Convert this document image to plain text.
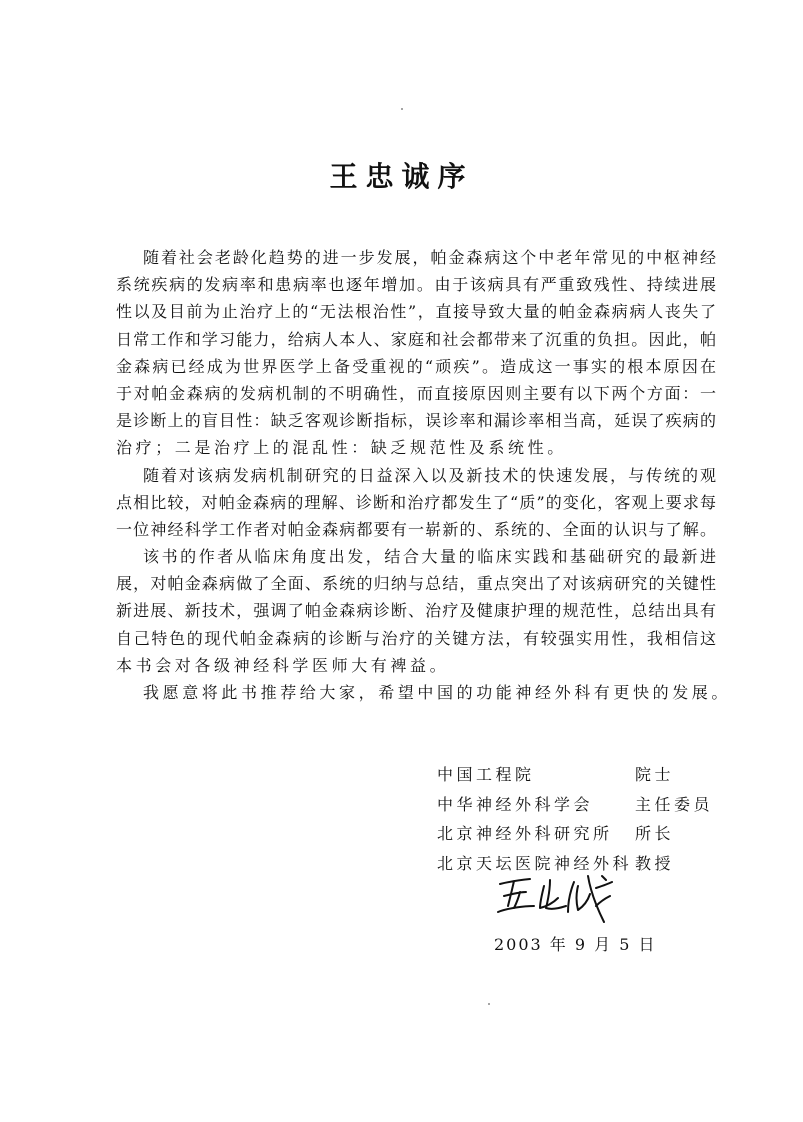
王忠诚序
随着社会老龄化趋势的进一步发展，帕金森病这个中老年常见的中枢神经
系统疾病的发病率和患病率也逐年增加。由于该病具有严重致残性、持续进展
性以及目前为止治疗上的“无法根治性”，直接导致大量的帕金森病病人丧失了
日常工作和学习能力，给病人本人、家庭和社会都带来了沉重的负担。因此，帕
金森病已经成为世界医学上备受重视的“顽疾”。造成这一事实的根本原因在
于对帕金森病的发病机制的不明确性，而直接原因则主要有以下两个方面：一
是诊断上的盲目性：缺乏客观诊断指标，误诊率和漏诊率相当高，延误了疾病的
治疗；二是治疗上的混乱性：缺乏规范性及系统性。
随着对该病发病机制研究的日益深入以及新技术的快速发展，与传统的观
点相比较，对帕金森病的理解、诊断和治疗都发生了“质”的变化，客观上要求每
一位神经科学工作者对帕金森病都要有一崭新的、系统的、全面的认识与了解。
该书的作者从临床角度出发，结合大量的临床实践和基础研究的最新进
展，对帕金森病做了全面、系统的归纳与总结，重点突出了对该病研究的关键性
新进展、新技术，强调了帕金森病诊断、治疗及健康护理的规范性，总结出具有
自己特色的现代帕金森病的诊断与治疗的关键方法，有较强实用性，我相信这
本书会对各级神经科学医师大有裨益。
我愿意将此书推荐给大家，希望中国的功能神经外科有更快的发展。
中国工程院	院士
中华神经外科学会	主任委员
北京神经外科研究所	所长
北京天坛医院神经外科 教授
2003 年 9 月 5 日
